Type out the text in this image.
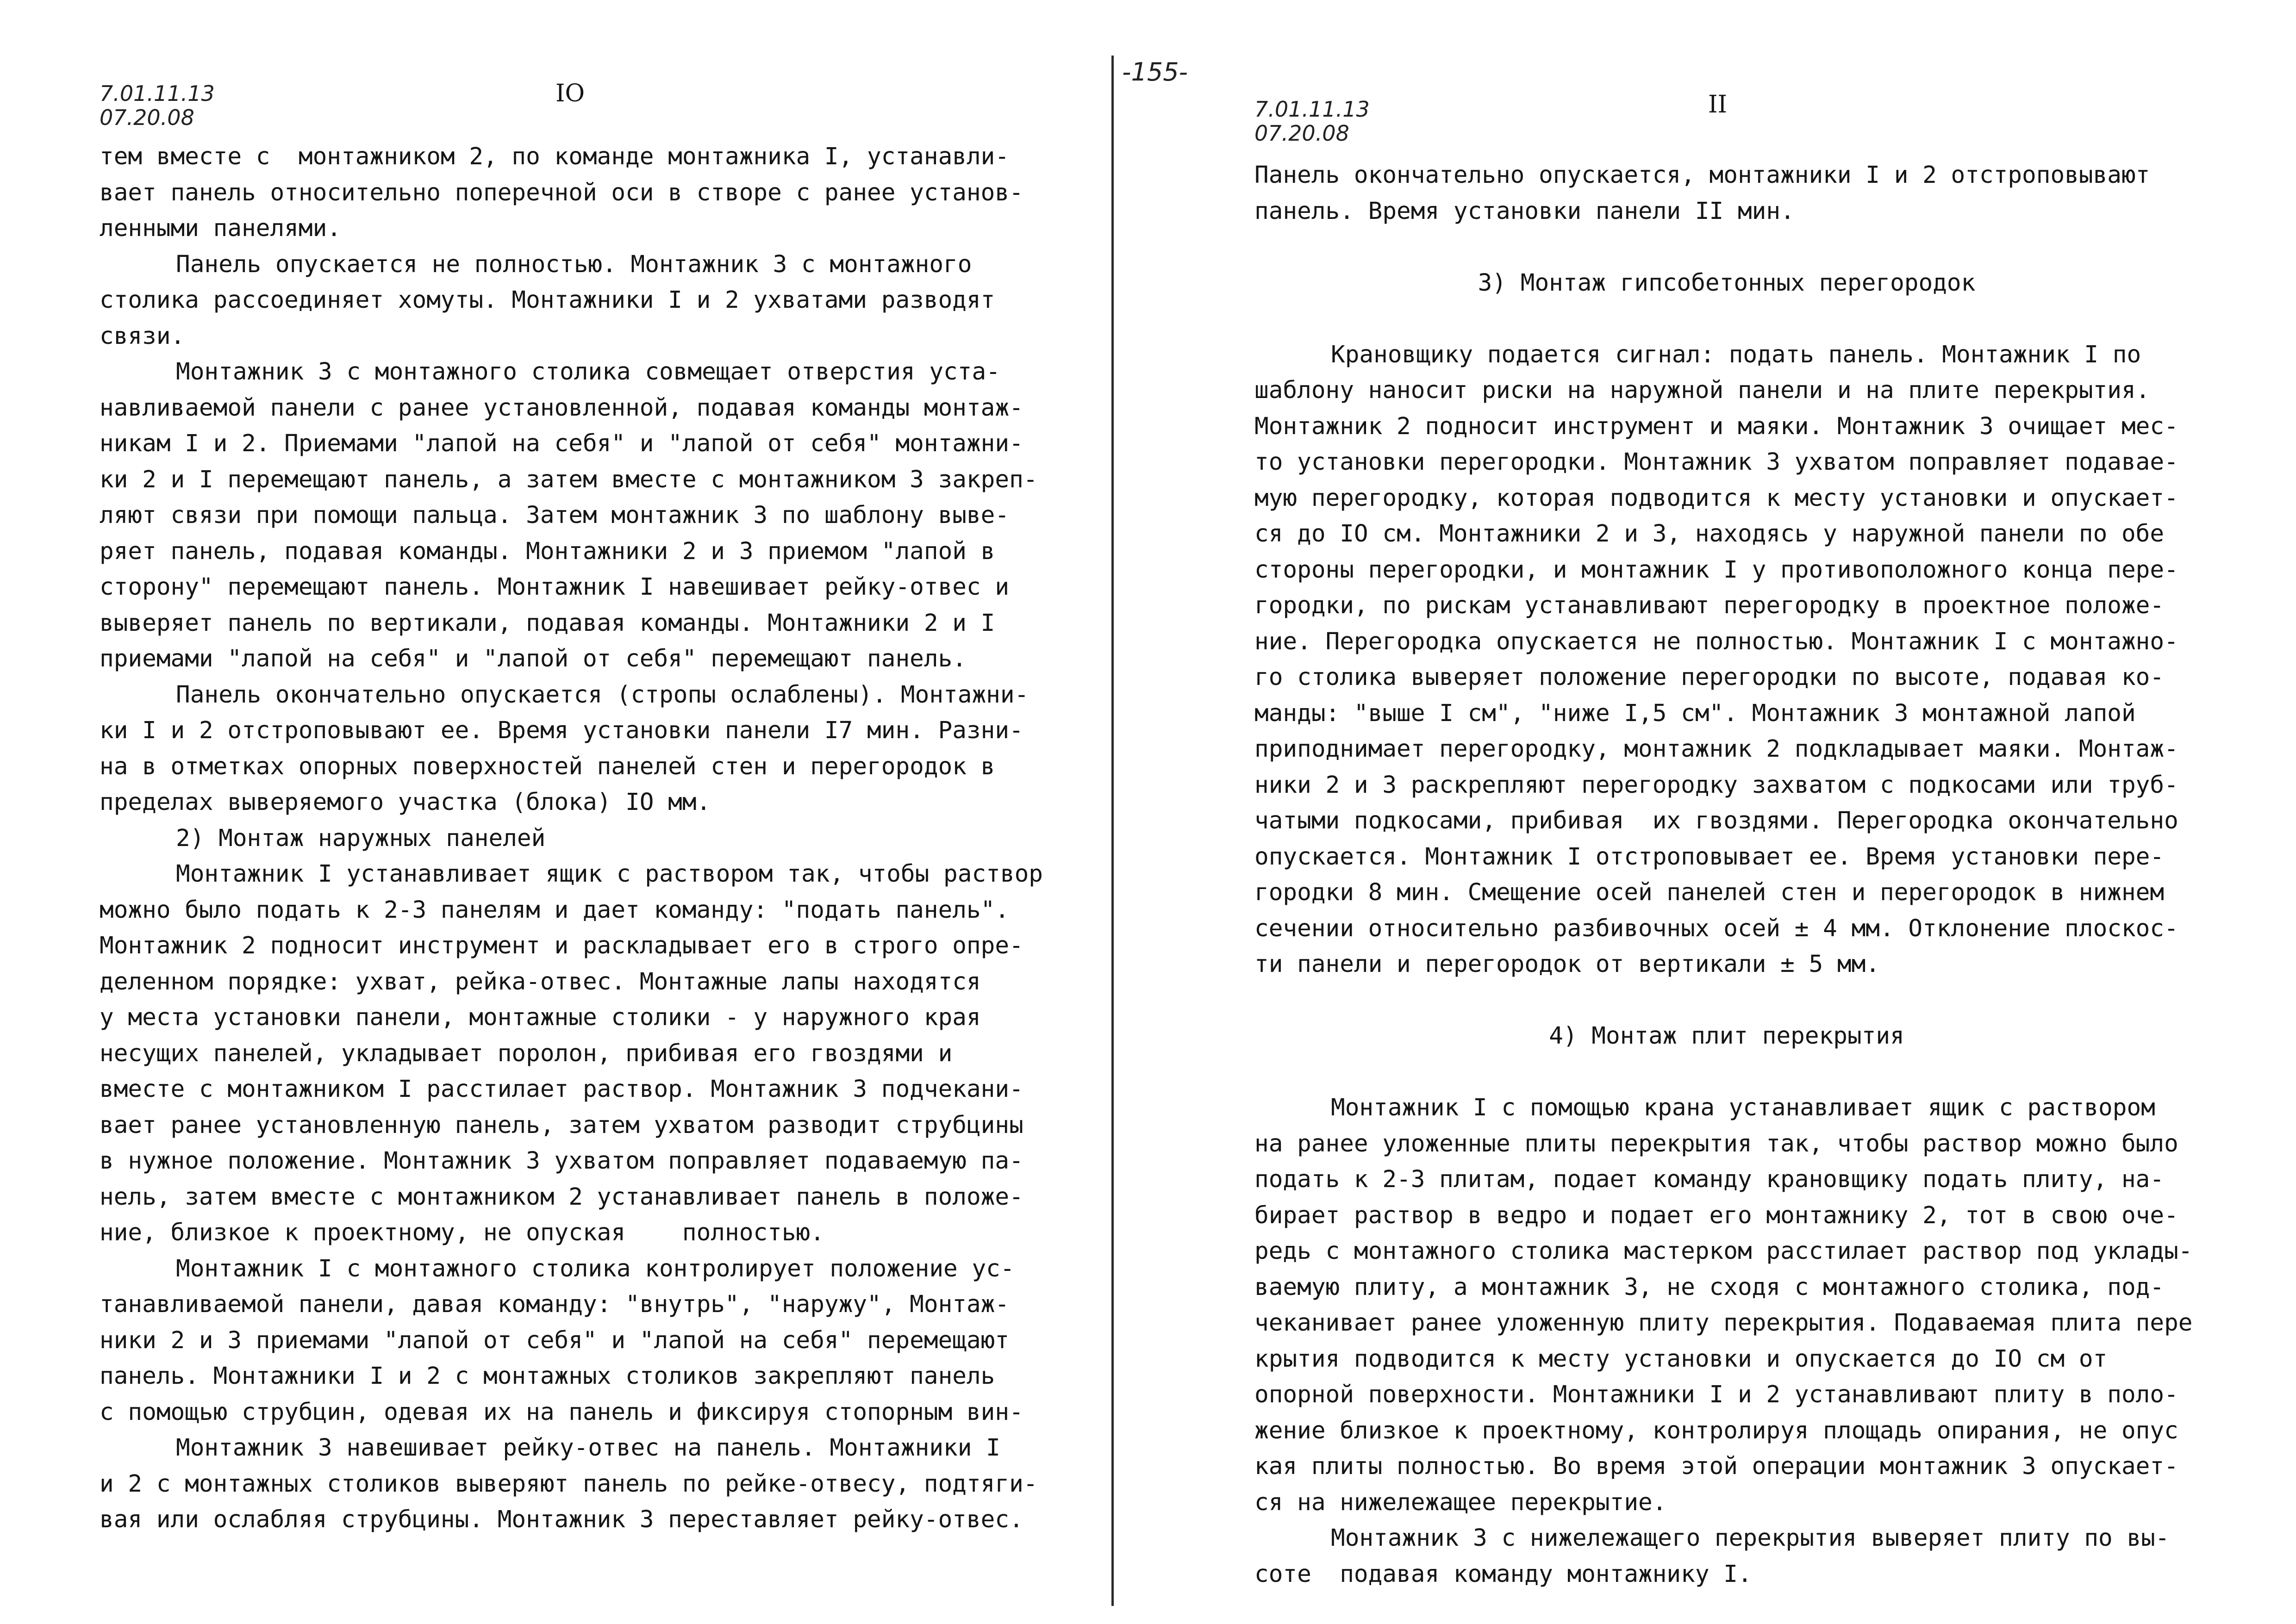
-155-
7.01.11.13
07.20.08
IO
тем вместе с  монтажником 2, по команде монтажника I, устанавли-
вает панель относительно поперечной оси в створе с ранее установ-
ленными панелями.
Панель опускается не полностью. Монтажник 3 с монтажного
столика рассоединяет хомуты. Монтажники I и 2 ухватами разводят
связи.
Монтажник 3 с монтажного столика совмещает отверстия уста-
навливаемой панели с ранее установленной, подавая команды монтаж-
никам I и 2. Приемами "лапой на себя" и "лапой от себя" монтажни-
ки 2 и I перемещают панель, а затем вместе с монтажником 3 закреп-
ляют связи при помощи пальца. Затем монтажник 3 по шаблону выве-
ряет панель, подавая команды. Монтажники 2 и 3 приемом "лапой в
сторону" перемещают панель. Монтажник I навешивает рейку-отвес и
выверяет панель по вертикали, подавая команды. Монтажники 2 и I
приемами "лапой на себя" и "лапой от себя" перемещают панель.
Панель окончательно опускается (стропы ослаблены). Монтажни-
ки I и 2 отстроповывают ее. Время установки панели I7 мин. Разни-
на в отметках опорных поверхностей панелей стен и перегородок в
пределах выверяемого участка (блока) IO мм.
2) Монтаж наружных панелей
Монтажник I устанавливает ящик с раствором так, чтобы раствор
можно было подать к 2-3 панелям и дает команду: "подать панель".
Монтажник 2 подносит инструмент и раскладывает его в строго опре-
деленном порядке: ухват, рейка-отвес. Монтажные лапы находятся
у места установки панели, монтажные столики - у наружного края
несущих панелей, укладывает поролон, прибивая его гвоздями и
вместе с монтажником I расстилает раствор. Монтажник 3 подчекани-
вает ранее установленную панель, затем ухватом разводит струбцины
в нужное положение. Монтажник 3 ухватом поправляет подаваемую па-
нель, затем вместе с монтажником 2 устанавливает панель в положе-
ние, близкое к проектному, не опуская    полностью.
Монтажник I с монтажного столика контролирует положение ус-
танавливаемой панели, давая команду: "внутрь", "наружу", Монтаж-
ники 2 и 3 приемами "лапой от себя" и "лапой на себя" перемещают
панель. Монтажники I и 2 с монтажных столиков закрепляют панель
с помощью струбцин, одевая их на панель и фиксируя стопорным вин-
Монтажник 3 навешивает рейку-отвес на панель. Монтажники I
и 2 с монтажных столиков выверяют панель по рейке-отвесу, подтяги-
вая или ослабляя струбцины. Монтажник 3 переставляет рейку-отвес.
7.01.11.13
07.20.08
II
Панель окончательно опускается, монтажники I и 2 отстроповывают
панель. Время установки панели II мин.

3) Монтаж гипсобетонных перегородок

Крановщику подается сигнал: подать панель. Монтажник I по
шаблону наносит риски на наружной панели и на плите перекрытия.
Монтажник 2 подносит инструмент и маяки. Монтажник 3 очищает мес-
то установки перегородки. Монтажник 3 ухватом поправляет подавае-
мую перегородку, которая подводится к месту установки и опускает-
ся до IO см. Монтажники 2 и 3, находясь у наружной панели по обе
стороны перегородки, и монтажник I у противоположного конца пере-
городки, по рискам устанавливают перегородку в проектное положе-
ние. Перегородка опускается не полностью. Монтажник I с монтажно-
го столика выверяет положение перегородки по высоте, подавая ко-
манды: "выше I см", "ниже I,5 см". Монтажник 3 монтажной лапой
приподнимает перегородку, монтажник 2 подкладывает маяки. Монтаж-
ники 2 и 3 раскрепляют перегородку захватом с подкосами или труб-
чатыми подкосами, прибивая  их гвоздями. Перегородка окончательно
опускается. Монтажник I отстроповывает ее. Время установки пере-
городки 8 мин. Смещение осей панелей стен и перегородок в нижнем
сечении относительно разбивочных осей ± 4 мм. Отклонение плоскос-
ти панели и перегородок от вертикали ± 5 мм.

4) Монтаж плит перекрытия

Монтажник I с помощью крана устанавливает ящик с раствором
на ранее уложенные плиты перекрытия так, чтобы раствор можно было
подать к 2-3 плитам, подает команду крановщику подать плиту, на-
бирает раствор в ведро и подает его монтажнику 2, тот в свою оче-
редь с монтажного столика мастерком расстилает раствор под уклады-
ваемую плиту, а монтажник 3, не сходя с монтажного столика, под-
чеканивает ранее уложенную плиту перекрытия. Подаваемая плита пере
крытия подводится к месту установки и опускается до IO см от
опорной поверхности. Монтажники I и 2 устанавливают плиту в поло-
жение близкое к проектному, контролируя площадь опирания, не опус
кая плиты полностью. Во время этой операции монтажник 3 опускает-
ся на нижележащее перекрытие.
Монтажник 3 с нижележащего перекрытия выверяет плиту по вы-
соте  подавая команду монтажнику I.
